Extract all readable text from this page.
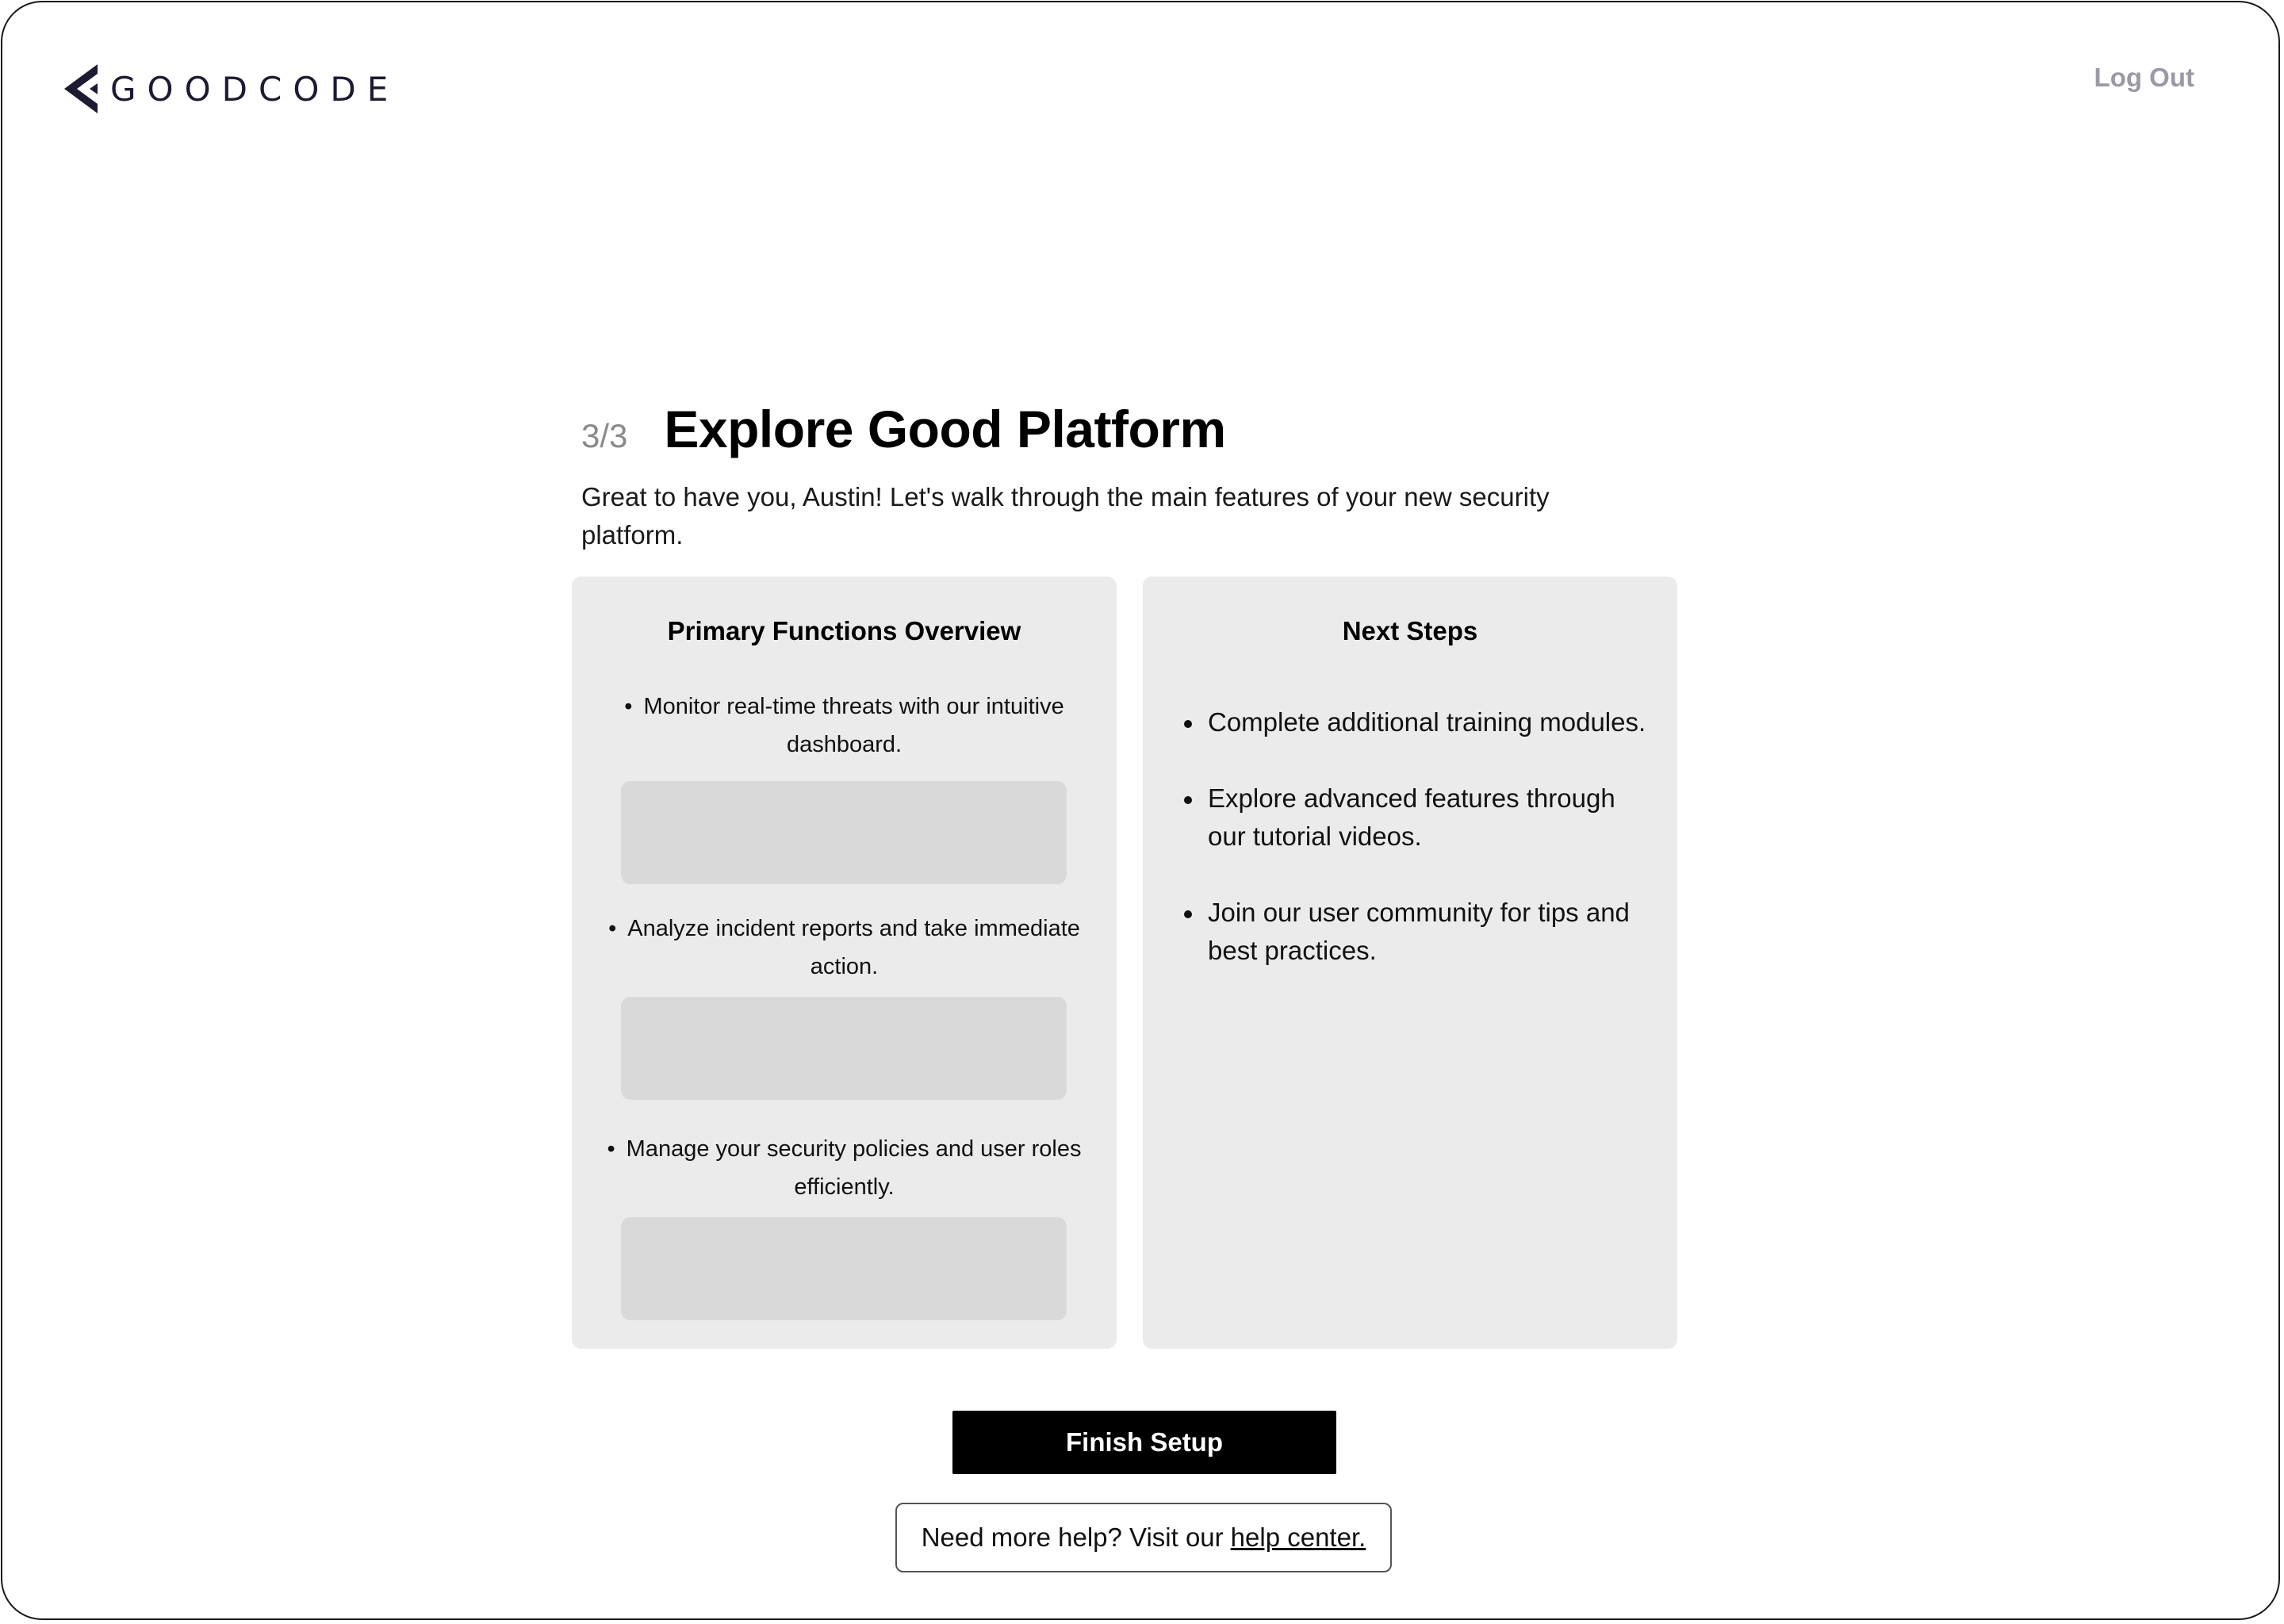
GOODCODE	Log Out
3/3 Explore Good Platform
Great to have you, Austin! Let's walk through the main features of your new security platform.
Primary Functions Overview
• Monitor real-time threats with our intuitive dashboard.
• Analyze incident reports and take immediate action.
• Manage your security policies and user roles efficiently.
Next Steps
Complete additional training modules.
Explore advanced features through our tutorial videos.
Join our user community for tips and best practices.
Finish Setup
Need more help? Visit our help center.
